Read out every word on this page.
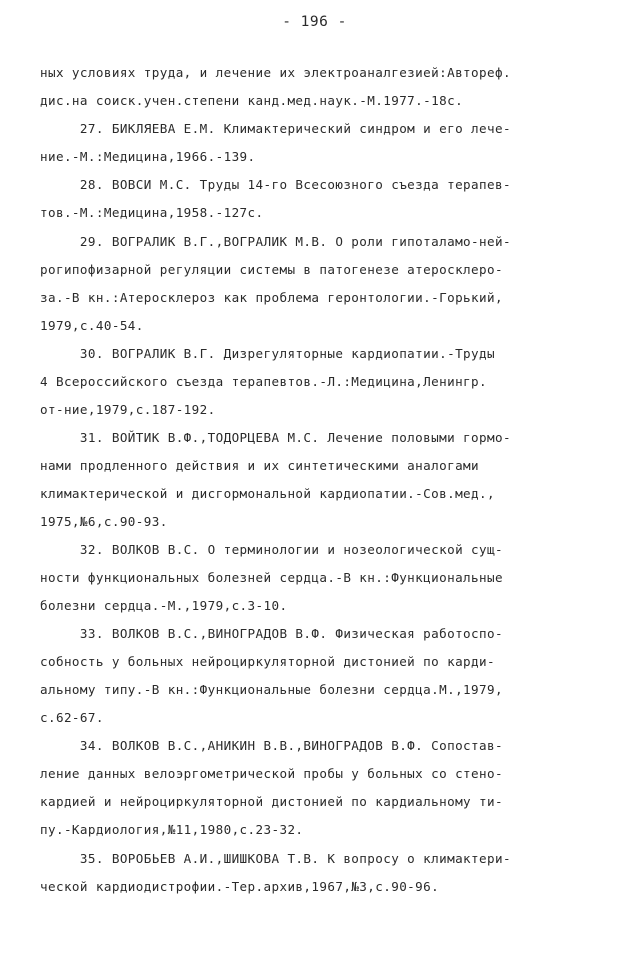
- 196 -
ных условиях труда, и лечение их электроаналгезией:Автореф.
дис.на соиск.учен.степени канд.мед.наук.-М.1977.-18с.
27. БИКЛЯЕВА Е.М. Климактерический синдром и его лече-
ние.-М.:Медицина,1966.-139.
28. ВОВСИ М.С. Труды 14-го Всесоюзного съезда терапев-
тов.-М.:Медицина,1958.-127с.
29. ВОГРАЛИК В.Г.,ВОГРАЛИК М.В. О роли гипоталамо-ней-
рогипофизарной регуляции системы в патогенезе атеросклеро-
за.-В кн.:Атеросклероз как проблема геронтологии.-Горький,
1979,с.40-54.
30. ВОГРАЛИК В.Г. Дизрегуляторные кардиопатии.-Труды
4 Всероссийского съезда терапевтов.-Л.:Медицина,Ленингр.
от-ние,1979,с.187-192.
31. ВОЙТИК В.Ф.,ТОДОРЦЕВА М.С. Лечение половыми гормо-
нами продленного действия и их синтетическими аналогами
климактерической и дисгормональной кардиопатии.-Сов.мед.,
1975,№6,с.90-93.
32. ВОЛКОВ В.С. О терминологии и нозеологической сущ-
ности функциональных болезней сердца.-В кн.:Функциональные
болезни сердца.-М.,1979,с.3-10.
33. ВОЛКОВ В.С.,ВИНОГРАДОВ В.Ф. Физическая работоспо-
собность у больных нейроциркуляторной дистонией по карди-
альному типу.-В кн.:Функциональные болезни сердца.М.,1979,
с.62-67.
34. ВОЛКОВ В.С.,АНИКИН В.В.,ВИНОГРАДОВ В.Ф. Сопостав-
ление данных велоэргометрической пробы у больных со стено-
кардией и нейроциркуляторной дистонией по кардиальному ти-
пу.-Кардиология,№11,1980,с.23-32.
35. ВОРОБЬЕВ А.И.,ШИШКОВА Т.В. К вопросу о климактери-
ческой кардиодистрофии.-Тер.архив,1967,№3,с.90-96.
